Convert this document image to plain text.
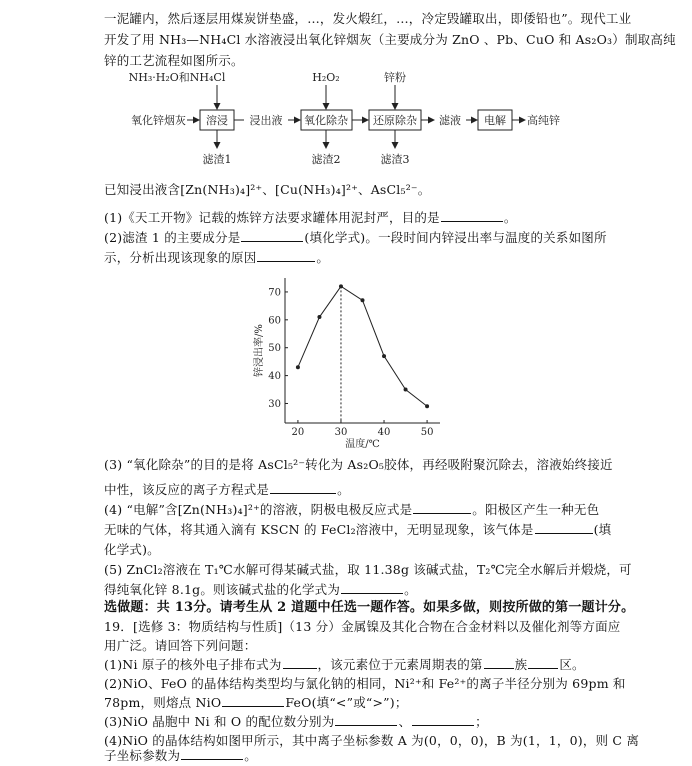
一泥罐内，然后逐层用煤炭饼垫盛，…，发火煅红，…，冷定毁罐取出，即倭铅也”。现代工业
开发了用 NH₃—NH₄Cl 水溶液浸出氧化锌烟灰（主要成分为 ZnO 、Pb、CuO 和 As₂O₃）制取高纯
锌的工艺流程如图所示。
NH₃·H₂O和NH₄Cl	H₂O₂	锌粉
氧化锌烟灰 溶浸 浸出液 氧化除杂 还原除杂 滤液 电解 高纯锌
滤渣1	滤渣2	滤渣3
已知浸出液含[Zn(NH₃)₄]²⁺、[Cu(NH₃)₄]²⁺、AsCl₅²⁻。
(1)《天工开物》记载的炼锌方法要求罐体用泥封严，目的是	。
(2)滤渣 1 的主要成分是	(填化学式)。一段时间内锌浸出率与温度的关系如图所
示，分析出现该现象的原因	。
20	30	40	50
30
40
50
60
70
温度/℃
锌浸出率/%
(3) “氧化除杂”的目的是将 AsCl₅²⁻转化为 As₂O₅胶体，再经吸附聚沉除去，溶液始终接近
中性，该反应的离子方程式是	。
(4) “电解”含[Zn(NH₃)₄]²⁺的溶液，阴极电极反应式是	。阳极区产生一种无色
无味的气体，将其通入滴有 KSCN 的 FeCl₂溶液中，无明显现象，该气体是	(填
化学式)。
(5) ZnCl₂溶液在 T₁℃水解可得某碱式盐，取 11.38g 该碱式盐，T₂℃完全水解后并煅烧，可
得纯氧化锌 8.1g。则该碱式盐的化学式为	。
选做题：共 13分。请考生从 2 道题中任选一题作答。如果多做，则按所做的第一题计分。
19．[选修 3：物质结构与性质]（13 分）金属镍及其化合物在合金材料以及催化剂等方面应
用广泛。请回答下列问题：
(1)Ni 原子的核外电子排布式为	，该元素位于元素周期表的第	族	区。
(2)NiO、FeO 的晶体结构类型均与氯化钠的相同，Ni²⁺和 Fe²⁺的离子半径分别为 69pm 和
78pm，则熔点 NiO	FeO(填“<”或“>”)；
(3)NiO 晶胞中 Ni 和 O 的配位数分别为	、	；
(4)NiO 的晶体结构如图甲所示，其中离子坐标参数 A 为(0，0，0)，B 为(1，1，0)，则 C 离
子坐标参数为	。
